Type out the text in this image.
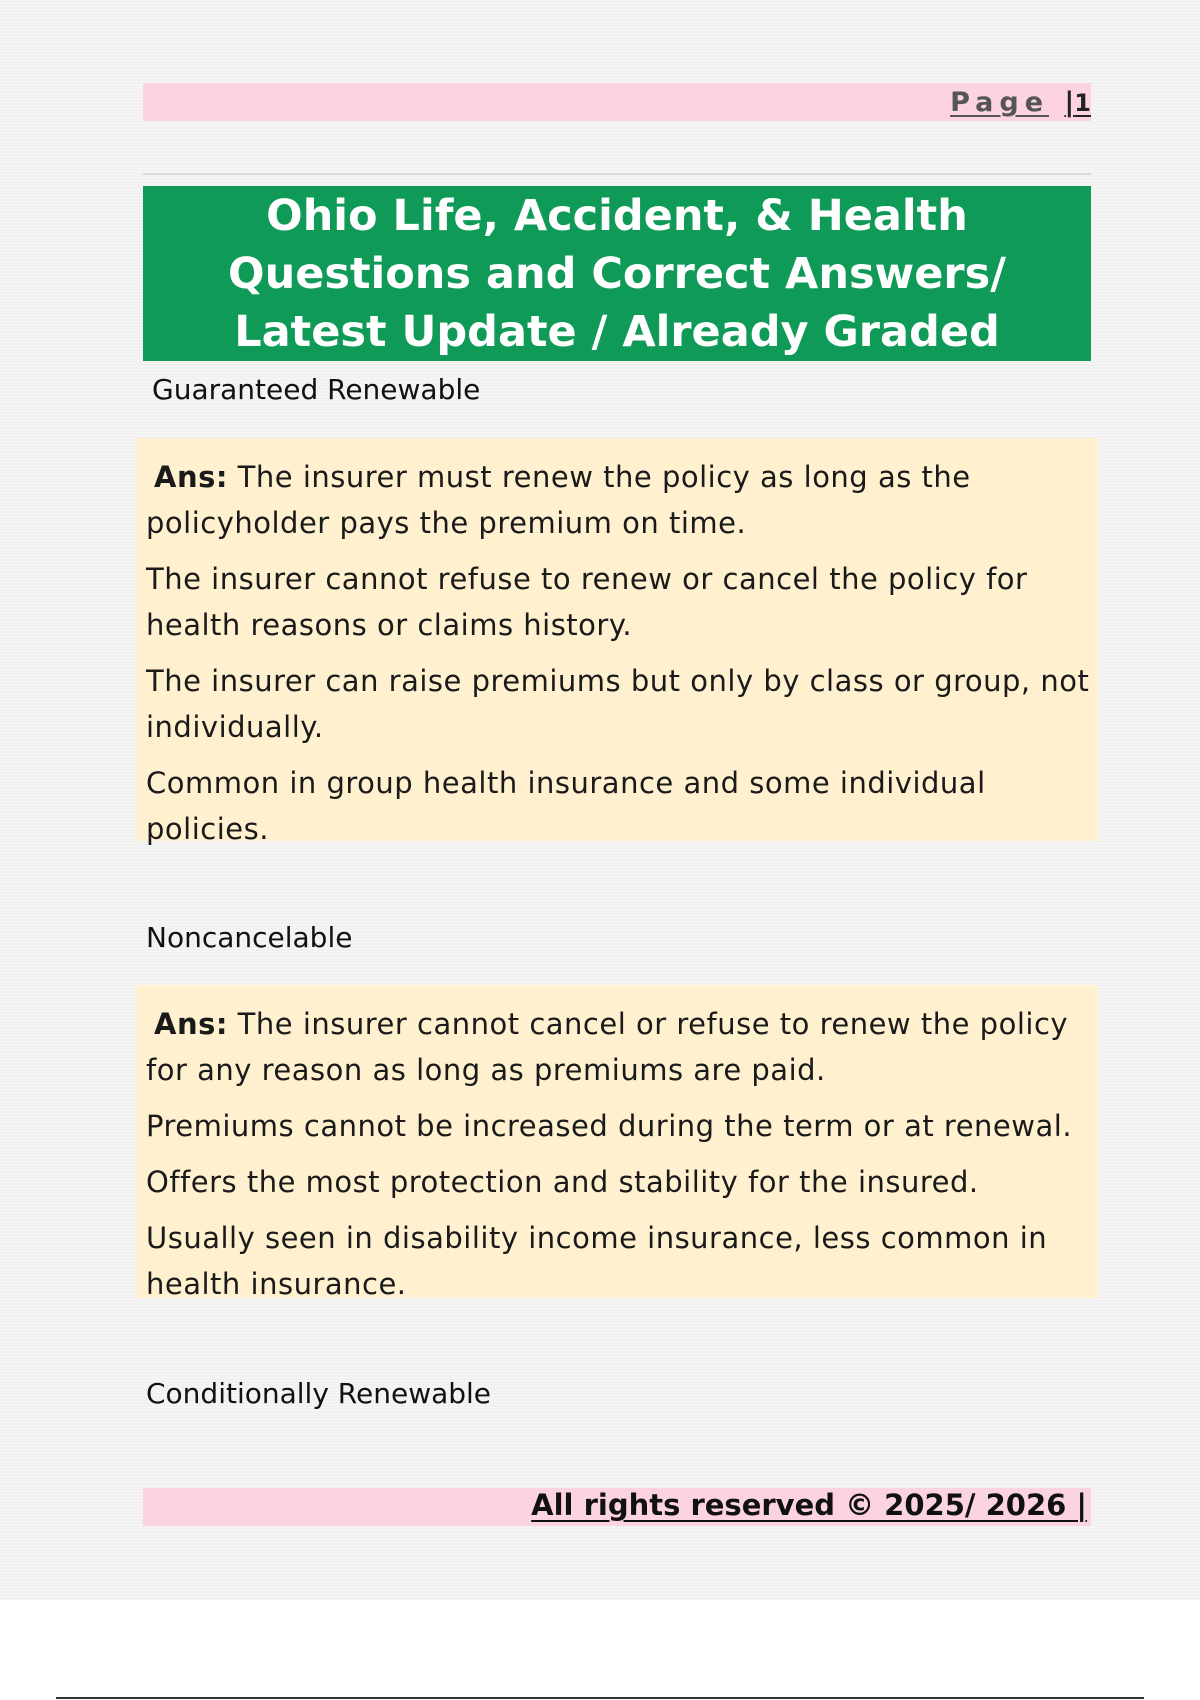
Page |1
Ohio Life, Accident, & Health Questions and Correct Answers/ Latest Update / Already Graded
Guaranteed Renewable

Ans: The insurer must renew the policy as long as the policyholder pays the premium on time.

The insurer cannot refuse to renew or cancel the policy for health reasons or claims history.

The insurer can raise premiums but only by class or group, not individually.

Common in group health insurance and some individual policies.

Noncancelable

Ans: The insurer cannot cancel or refuse to renew the policy for any reason as long as premiums are paid.

Premiums cannot be increased during the term or at renewal.

Offers the most protection and stability for the insured.

Usually seen in disability income insurance, less common in health insurance.

Conditionally Renewable
All rights reserved © 2025/ 2026 |
